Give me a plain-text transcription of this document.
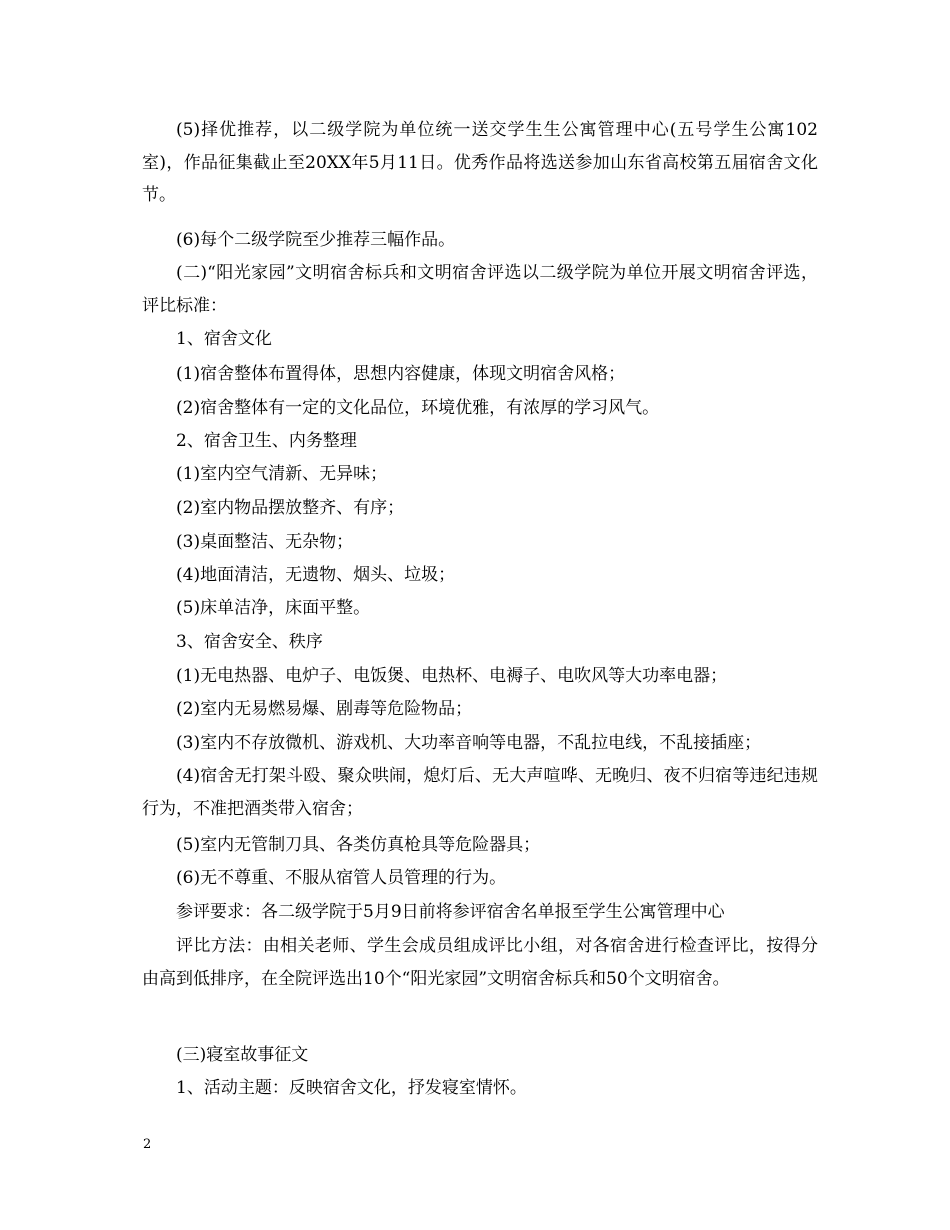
(5)择优推荐，以二级学院为单位统一送交学生生公寓管理中心(五号学生公寓102室)，作品征集截止至20XX年5月11日。优秀作品将选送参加山东省高校第五届宿舍文化节。

(6)每个二级学院至少推荐三幅作品。

(二)“阳光家园”文明宿舍标兵和文明宿舍评选以二级学院为单位开展文明宿舍评选，评比标准：

1、宿舍文化

(1)宿舍整体布置得体，思想内容健康，体现文明宿舍风格；

(2)宿舍整体有一定的文化品位，环境优雅，有浓厚的学习风气。

2、宿舍卫生、内务整理

(1)室内空气清新、无异味；

(2)室内物品摆放整齐、有序；

(3)桌面整洁、无杂物；

(4)地面清洁，无遗物、烟头、垃圾；

(5)床单洁净，床面平整。

3、宿舍安全、秩序

(1)无电热器、电炉子、电饭煲、电热杯、电褥子、电吹风等大功率电器；

(2)室内无易燃易爆、剧毒等危险物品；

(3)室内不存放微机、游戏机、大功率音响等电器，不乱拉电线，不乱接插座；

(4)宿舍无打架斗殴、聚众哄闹，熄灯后、无大声喧哗、无晚归、夜不归宿等违纪违规行为，不准把酒类带入宿舍；

(5)室内无管制刀具、各类仿真枪具等危险器具；

(6)无不尊重、不服从宿管人员管理的行为。

参评要求：各二级学院于5月9日前将参评宿舍名单报至学生公寓管理中心

评比方法：由相关老师、学生会成员组成评比小组，对各宿舍进行检查评比，按得分由高到低排序，在全院评选出10个“阳光家园”文明宿舍标兵和50个文明宿舍。

(三)寝室故事征文

1、活动主题：反映宿舍文化，抒发寝室情怀。

2
